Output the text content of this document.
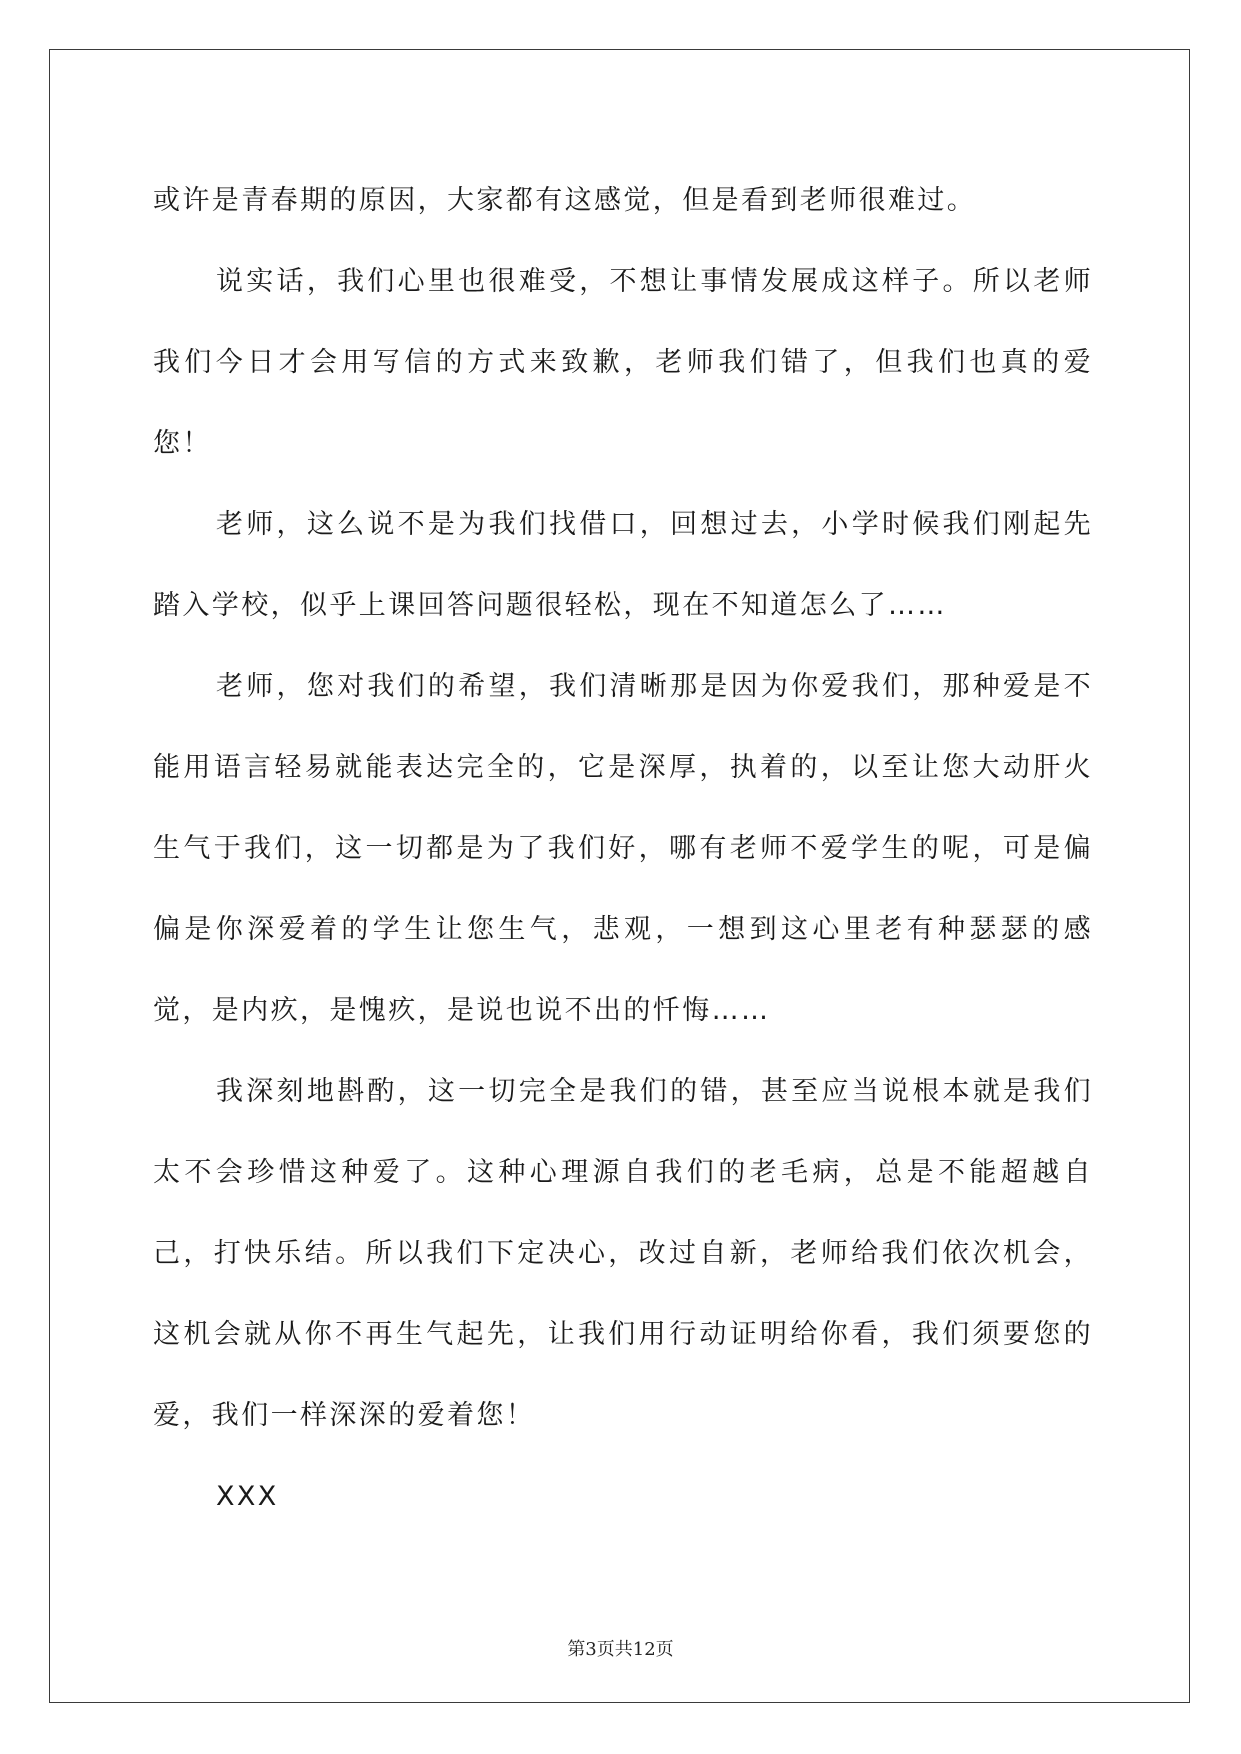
或许是青春期的原因，大家都有这感觉，但是看到老师很难过。

说实话，我们心里也很难受，不想让事情发展成这样子。所以老师我们今日才会用写信的方式来致歉，老师我们错了，但我们也真的爱您！

老师，这么说不是为我们找借口，回想过去，小学时候我们刚起先踏入学校，似乎上课回答问题很轻松，现在不知道怎么了……

老师，您对我们的希望，我们清晰那是因为你爱我们，那种爱是不能用语言轻易就能表达完全的，它是深厚，执着的，以至让您大动肝火生气于我们，这一切都是为了我们好，哪有老师不爱学生的呢，可是偏偏是你深爱着的学生让您生气，悲观，一想到这心里老有种瑟瑟的感觉，是内疚，是愧疚，是说也说不出的忏悔……

我深刻地斟酌，这一切完全是我们的错，甚至应当说根本就是我们太不会珍惜这种爱了。这种心理源自我们的老毛病，总是不能超越自己，打快乐结。所以我们下定决心，改过自新，老师给我们依次机会，这机会就从你不再生气起先，让我们用行动证明给你看，我们须要您的爱，我们一样深深的爱着您！

XXX

第3页共12页
